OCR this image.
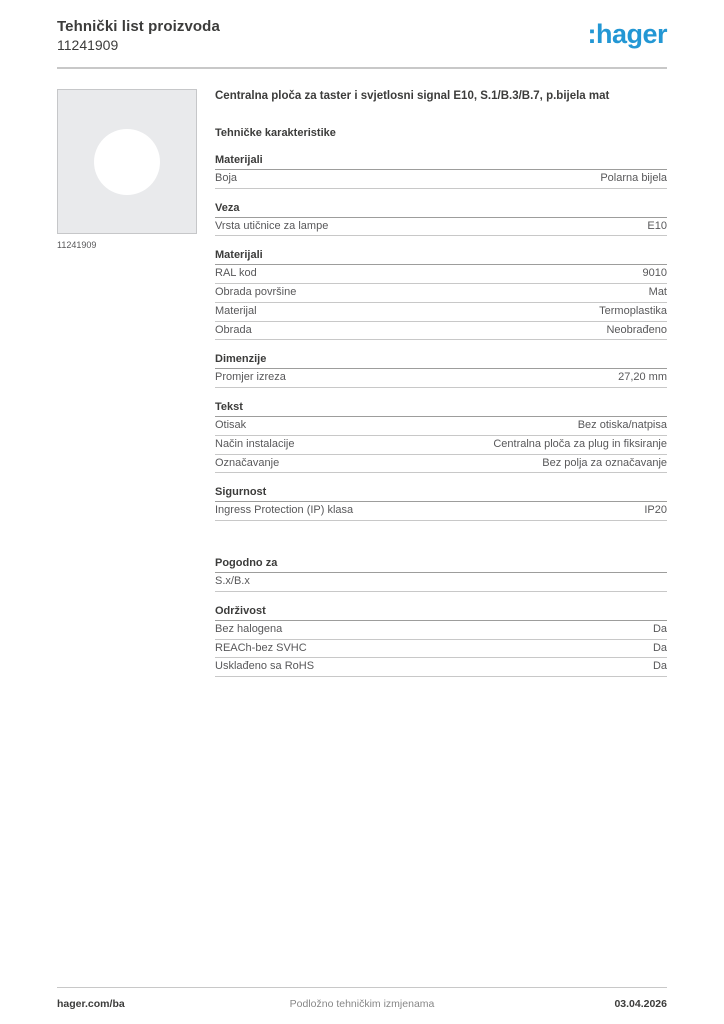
Tehnički list proizvoda
11241909	:hager
11241909
Centralna ploča za taster i svjetlosni signal E10, S.1/B.3/B.7, p.bijela mat
Tehničke karakteristike
Materijali
Boja	Polarna bijela
Veza
Vrsta utičnice za lampe	E10
Materijali
RAL kod	9010
Obrada površine	Mat
Materijal	Termoplastika
Obrada	Neobrađeno
Dimenzije
Promjer izreza	27,20 mm
Tekst
Otisak	Bez otiska/natpisa
Način instalacije	Centralna ploča za plug in fiksiranje
Označavanje	Bez polja za označavanje
Sigurnost
Ingress Protection (IP) klasa	IP20
Pogodno za
S.x/B.x
Održivost
Bez halogena	Da
REACh-bez SVHC	Da
Usklađeno sa RoHS	Da
hager.com/ba	Podložno tehničkim izmjenama	03.04.2026
